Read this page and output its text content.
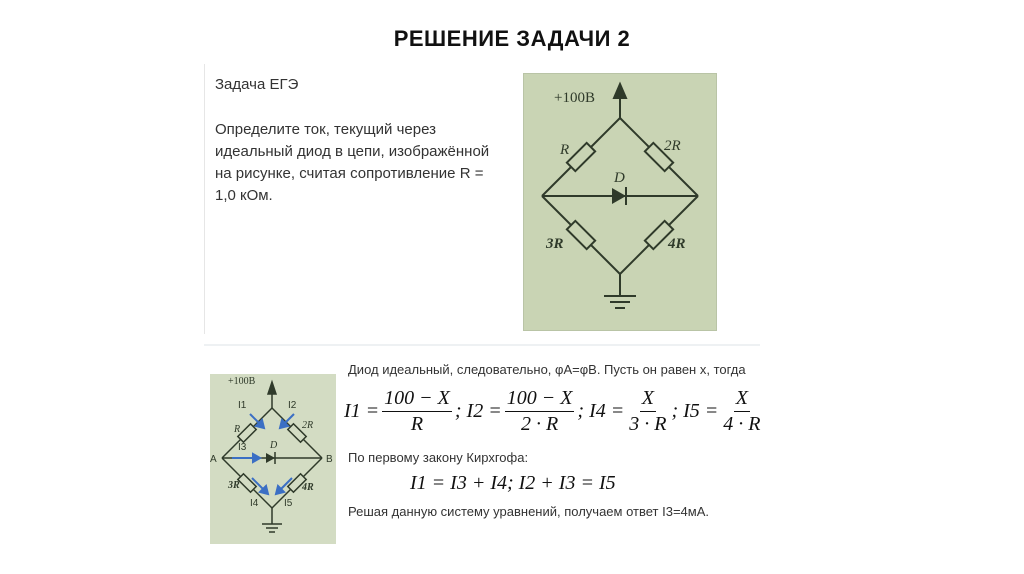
РЕШЕНИЕ ЗАДАЧИ 2
Задача ЕГЭ
Определите ток, текущий через идеальный диод в цепи, изображённой на рисунке, считая сопротивление R = 1,0 кОм.
+100В
R	2R
3R	4R
D
+100В
I1	I2
R	2R
I3 D
A	B
3R	4R
I4	I5
Диод идеальный, следовательно, φA=φB. Пусть он равен x, тогда
$I1 = \frac{100 - X}{R}$ ; $I2 = \frac{100 - X}{2 \cdot R}$ ; $I4 = \frac{X}{3 \cdot R}$ ; $I5 = \frac{X}{4 \cdot R}$
По первому закону Кирхгофа:
I1 = I3 + I4; I2 + I3 = I5
Решая данную систему уравнений, получаем ответ I3=4мА.
